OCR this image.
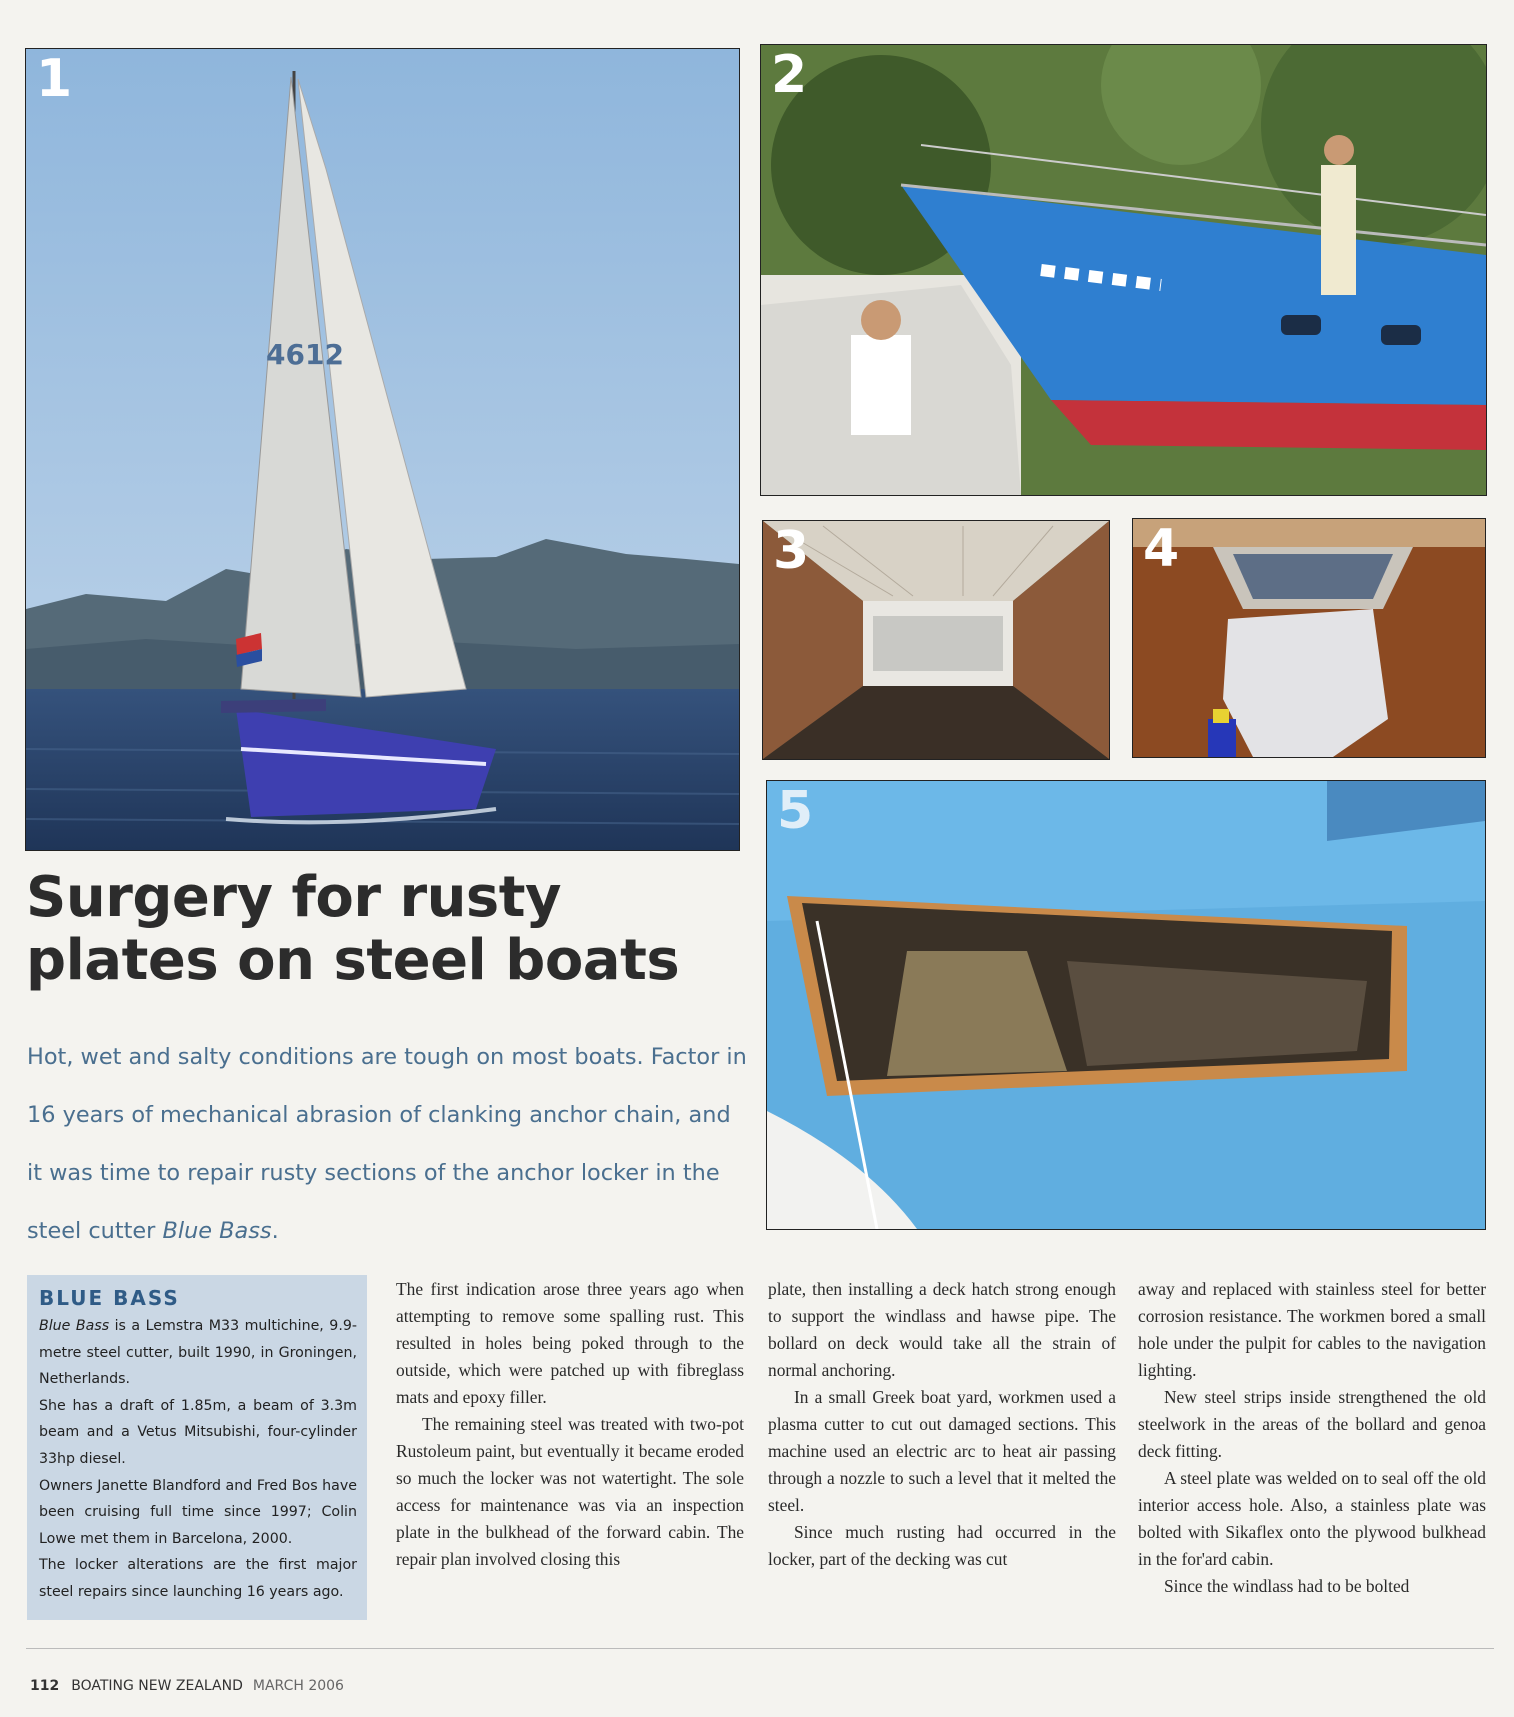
4612
1	2
3	4
5
Surgery for rusty
plates on steel boats

Hot, wet and salty conditions are tough on most boats. Factor in 16 years of mechanical abrasion of clanking anchor chain, and it was time to repair rusty sections of the anchor locker in the steel cutter Blue Bass.

BLUE BASS

Blue Bass is a Lemstra M33 multichine, 9.9-metre steel cutter, built 1990, in Groningen, Netherlands.

She has a draft of 1.85m, a beam of 3.3m beam and a Vetus Mitsubishi, four-cylinder 33hp diesel.

Owners Janette Blandford and Fred Bos have been cruising full time since 1997; Colin Lowe met them in Barcelona, 2000.

The locker alterations are the first major steel repairs since launching 16 years ago.

The first indication arose three years ago when attempting to remove some spalling rust. This resulted in holes being poked through to the outside, which were patched up with fibreglass mats and epoxy filler.

The remaining steel was treated with two-pot Rustoleum paint, but eventually it became eroded so much the locker was not watertight. The sole access for maintenance was via an inspection plate in the bulkhead of the forward cabin. The repair plan involved closing this

plate, then installing a deck hatch strong enough to support the windlass and hawse pipe. The bollard on deck would take all the strain of normal anchoring.

In a small Greek boat yard, workmen used a plasma cutter to cut out damaged sections. This machine used an electric arc to heat air passing through a nozzle to such a level that it melted the steel.

Since much rusting had occurred in the locker, part of the decking was cut

away and replaced with stainless steel for better corrosion resistance. The workmen bored a small hole under the pulpit for cables to the navigation lighting.

New steel strips inside strengthened the old steelwork in the areas of the bollard and genoa deck fitting.

A steel plate was welded on to seal off the old interior access hole. Also, a stainless plate was bolted with Sikaflex onto the plywood bulkhead in the for'ard cabin.

Since the windlass had to be bolted

112 BOATING NEW ZEALAND MARCH 2006
